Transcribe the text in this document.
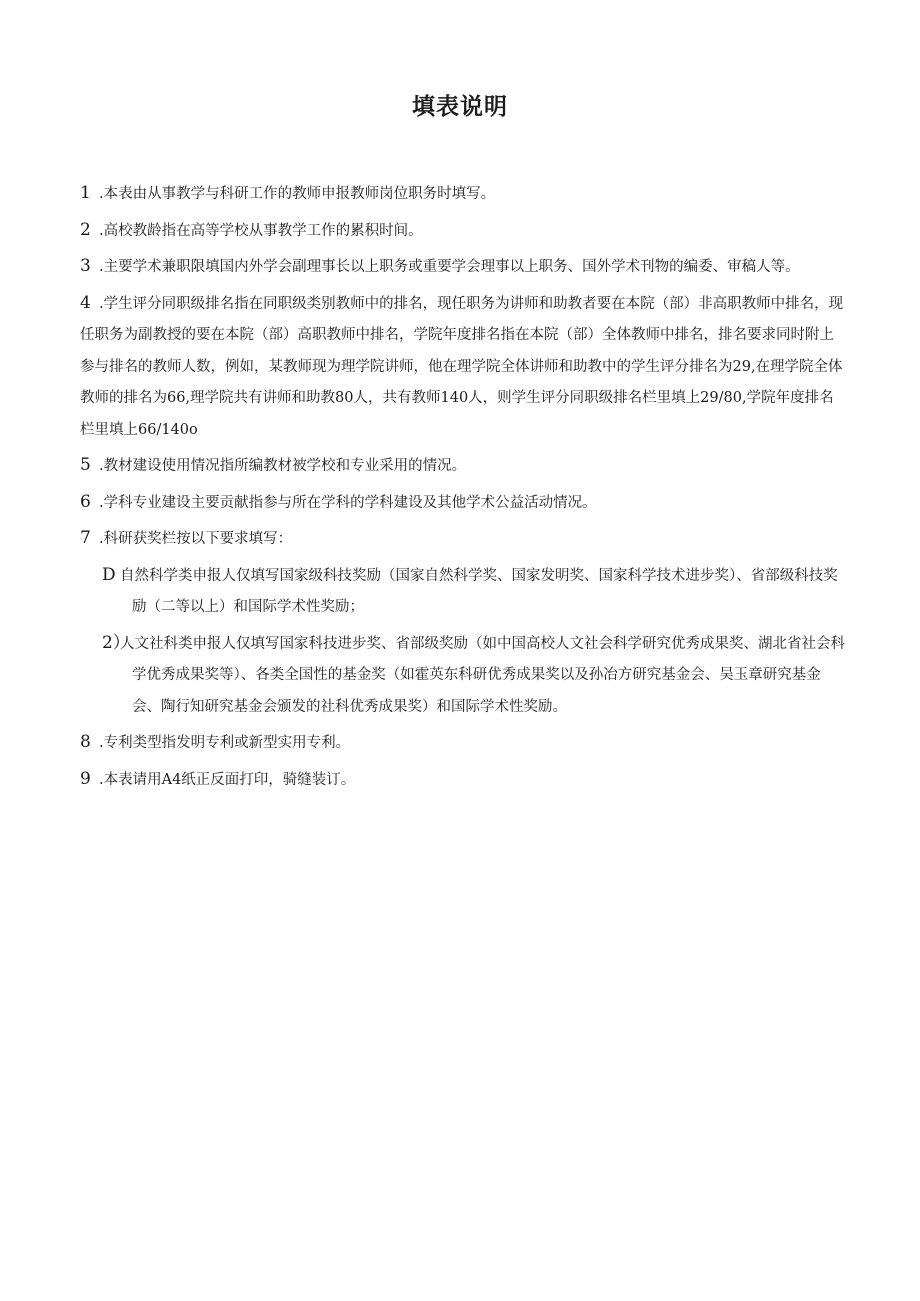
填表说明

1 .本表由从事教学与科研工作的教师申报教师岗位职务时填写。

2 .高校教龄指在高等学校从事教学工作的累积时间。

3 .主要学术兼职限填国内外学会副理事长以上职务或重要学会理事以上职务、国外学术刊物的编委、审稿人等。

4 .学生评分同职级排名指在同职级类别教师中的排名，现任职务为讲师和助教者要在本院（部）非高职教师中排名，现任职务为副教授的要在本院（部）高职教师中排名，学院年度排名指在本院（部）全体教师中排名，排名要求同时附上参与排名的教师人数，例如，某教师现为理学院讲师，他在理学院全体讲师和助教中的学生评分排名为29,在理学院全体教师的排名为66,理学院共有讲师和助教80人，共有教师140人，则学生评分同职级排名栏里填上29/80,学院年度排名栏里填上66/140o

5 .教材建设使用情况指所编教材被学校和专业采用的情况。

6 .学科专业建设主要贡献指参与所在学科的学科建设及其他学术公益活动情况。

7 .科研获奖栏按以下要求填写：

D 自然科学类申报人仅填写国家级科技奖励（国家自然科学奖、国家发明奖、国家科学技术进步奖）、省部级科技奖励（二等以上）和国际学术性奖励；

2）人文社科类申报人仅填写国家科技进步奖、省部级奖励（如中国高校人文社会科学研究优秀成果奖、湖北省社会科学优秀成果奖等）、各类全国性的基金奖（如霍英东科研优秀成果奖以及孙冶方研究基金会、吴玉章研究基金会、陶行知研究基金会颁发的社科优秀成果奖）和国际学术性奖励。

8 .专利类型指发明专利或新型实用专利。

9 .本表请用A4纸正反面打印，骑缝装订。
